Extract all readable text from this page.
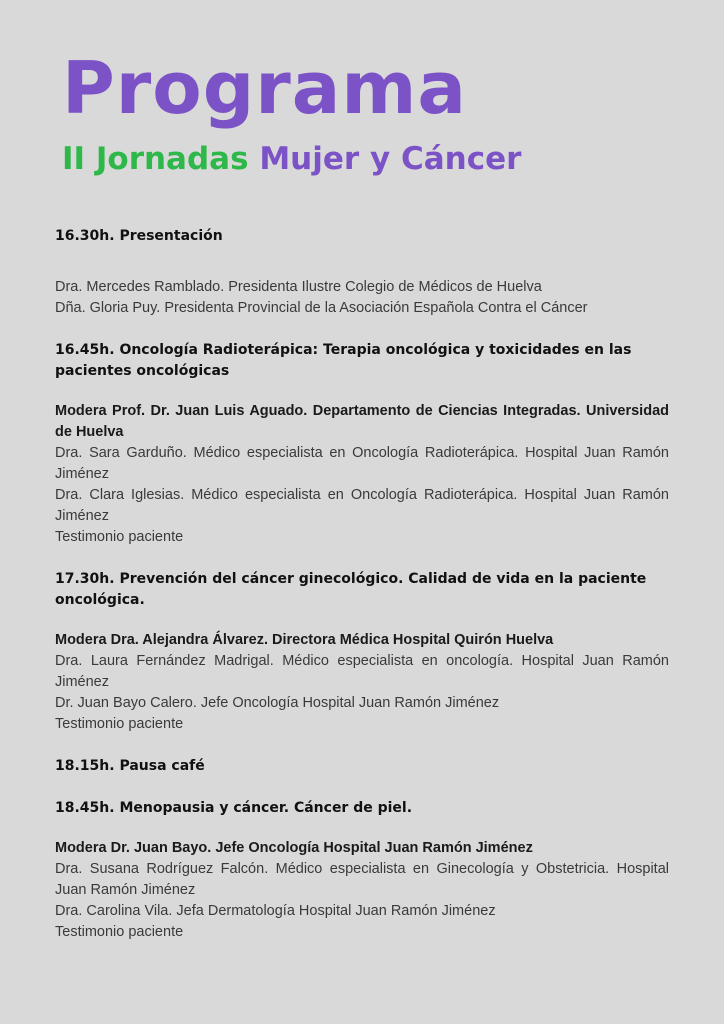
Programa
II Jornadas Mujer y Cáncer

16.30h. Presentación

Dra. Mercedes Ramblado. Presidenta Ilustre Colegio de Médicos de Huelva

Dña. Gloria Puy. Presidenta Provincial de la Asociación Española Contra el Cáncer

16.45h. Oncología Radioterápica: Terapia oncológica y toxicidades en las pacientes oncológicas

Modera Prof. Dr. Juan Luis Aguado. Departamento de Ciencias Integradas. Universidad de Huelva

Dra. Sara Garduño. Médico especialista en Oncología Radioterápica. Hospital Juan Ramón Jiménez

Dra. Clara Iglesias. Médico especialista en Oncología Radioterápica. Hospital Juan Ramón Jiménez

Testimonio paciente

17.30h. Prevención del cáncer ginecológico. Calidad de vida en la paciente oncológica.

Modera Dra. Alejandra Álvarez. Directora Médica Hospital Quirón Huelva

Dra. Laura Fernández Madrigal. Médico especialista en oncología. Hospital Juan Ramón Jiménez

Dr. Juan Bayo Calero. Jefe Oncología Hospital Juan Ramón Jiménez

Testimonio paciente

18.15h. Pausa café

18.45h. Menopausia y cáncer. Cáncer de piel.

Modera Dr. Juan Bayo. Jefe Oncología Hospital Juan Ramón Jiménez

Dra. Susana Rodríguez Falcón. Médico especialista en Ginecología y Obstetricia. Hospital Juan Ramón Jiménez

Dra. Carolina Vila. Jefa Dermatología Hospital Juan Ramón Jiménez

Testimonio paciente
